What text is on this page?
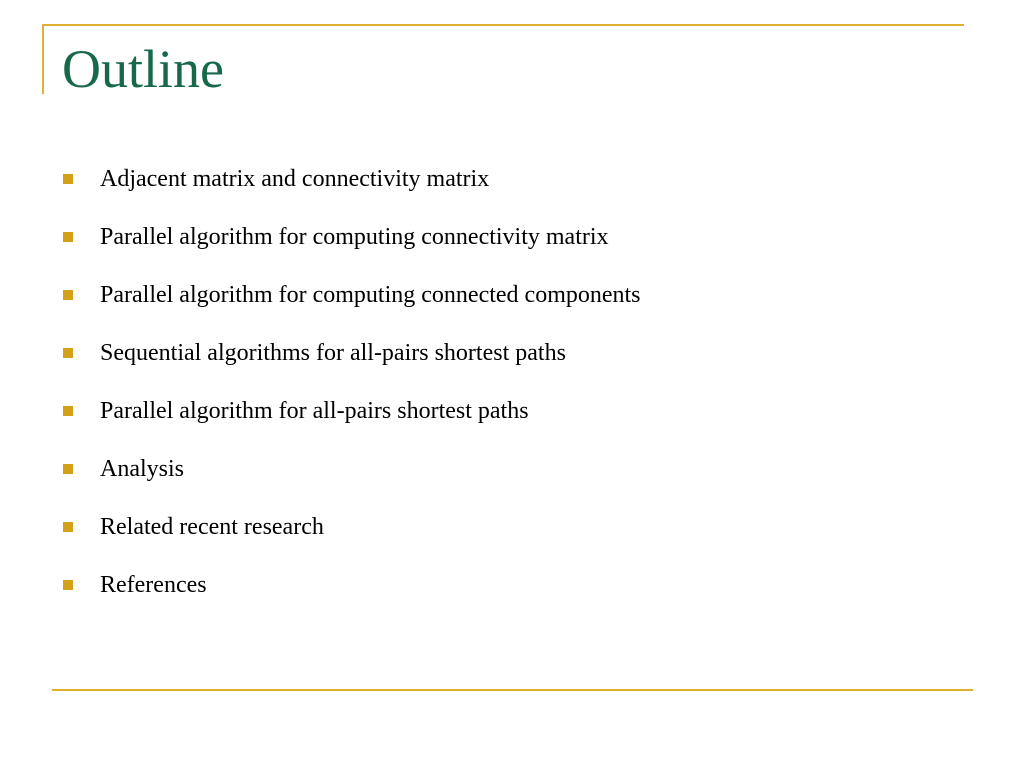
Outline
Adjacent matrix and connectivity matrix
Parallel algorithm for computing connectivity matrix
Parallel algorithm for computing connected components
Sequential algorithms for all-pairs shortest paths
Parallel algorithm for all-pairs shortest paths
Analysis
Related recent research
References
